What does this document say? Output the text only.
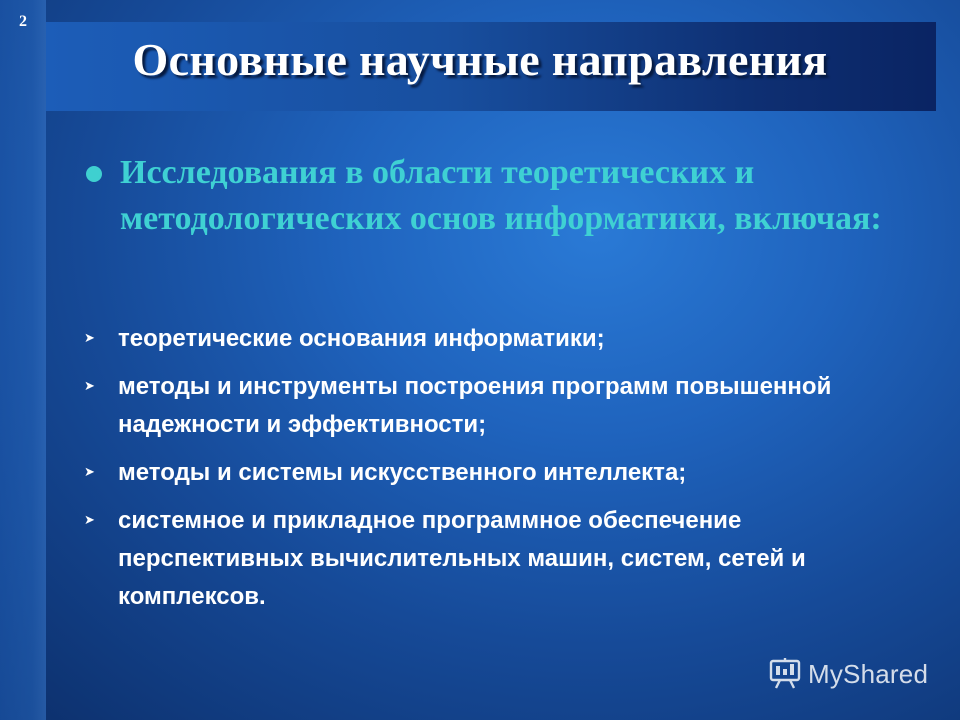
2
Основные научные направления
Исследования в области теоретических и методологических основ информатики, включая:
➤ теоретические основания информатики;
➤ методы и инструменты построения программ повышенной надежности и эффективности;
➤ методы и системы искусственного интеллекта;
➤ системное и прикладное программное обеспечение перспективных вычислительных машин, систем, сетей и комплексов.
MyShared
